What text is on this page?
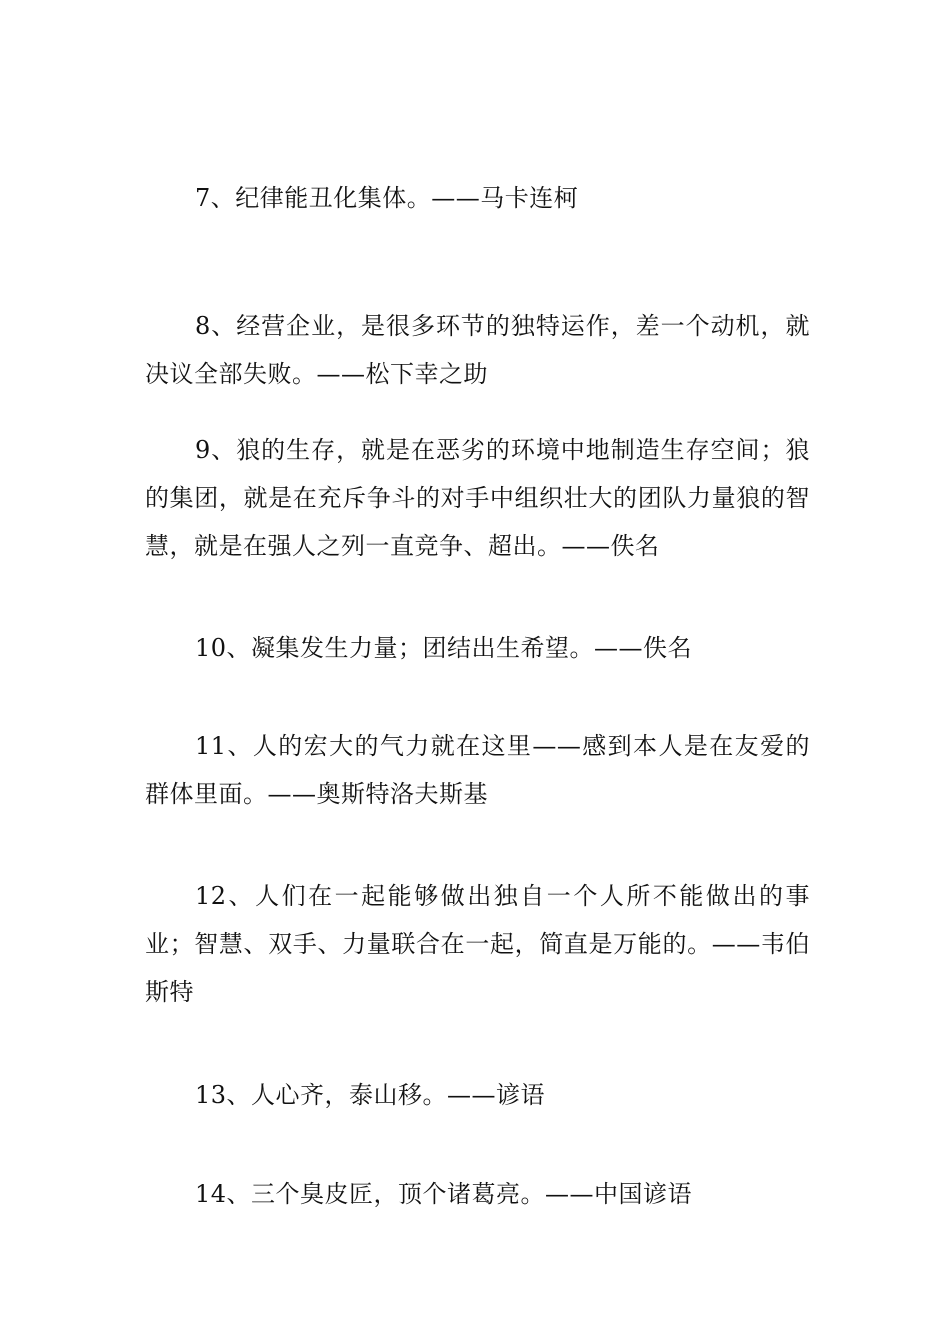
7、纪律能丑化集体。——马卡连柯

8、经营企业，是很多环节的独特运作，差一个动机，就决议全部失败。——松下幸之助

9、狼的生存，就是在恶劣的环境中地制造生存空间；狼的集团，就是在充斥争斗的对手中组织壮大的团队力量狼的智慧，就是在强人之列一直竞争、超出。——佚名

10、凝集发生力量；团结出生希望。——佚名

11、人的宏大的气力就在这里——感到本人是在友爱的群体里面。——奥斯特洛夫斯基

12、人们在一起能够做出独自一个人所不能做出的事业；智慧、双手、力量联合在一起，简直是万能的。——韦伯斯特

13、人心齐，泰山移。——谚语

14、三个臭皮匠，顶个诸葛亮。——中国谚语
